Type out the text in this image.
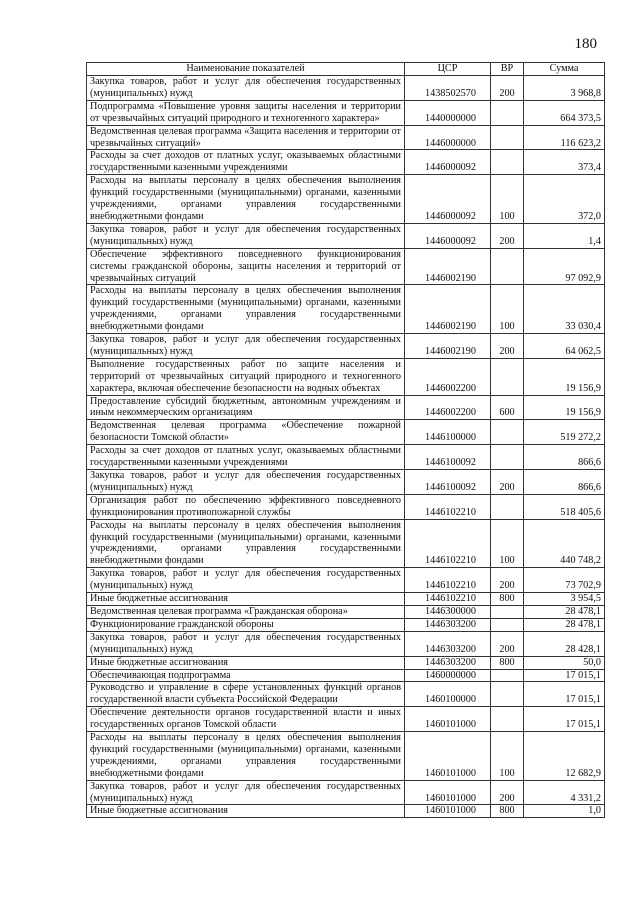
180
Наименование показателей	ЦСР	ВР	Сумма
Закупка товаров, работ и услуг для обеспечения государственных (муниципальных) нужд	1438502570	200	3 968,8
Подпрограмма «Повышение уровня защиты населения и территории от чрезвычайных ситуаций природного и техногенного характера»	1440000000		664 373,5
Ведомственная целевая программа «Защита населения и территории от чрезвычайных ситуаций»	1446000000		116 623,2
Расходы за счет доходов от платных услуг, оказываемых областными государственными казенными учреждениями	1446000092		373,4
Расходы на выплаты персоналу в целях обеспечения выполнения функций государственными (муниципальными) органами, казенными учреждениями, органами управления государственными внебюджетными фондами	1446000092	100	372,0
Закупка товаров, работ и услуг для обеспечения государственных (муниципальных) нужд	1446000092	200	1,4
Обеспечение эффективного повседневного функционирования системы гражданской обороны, защиты населения и территорий от чрезвычайных ситуаций	1446002190		97 092,9
Расходы на выплаты персоналу в целях обеспечения выполнения функций государственными (муниципальными) органами, казенными учреждениями, органами управления государственными внебюджетными фондами	1446002190	100	33 030,4
Закупка товаров, работ и услуг для обеспечения государственных (муниципальных) нужд	1446002190	200	64 062,5
Выполнение государственных работ по защите населения и территорий от чрезвычайных ситуаций природного и техногенного характера, включая обеспечение безопасности на водных объектах	1446002200		19 156,9
Предоставление субсидий бюджетным, автономным учреждениям и иным некоммерческим организациям	1446002200	600	19 156,9
Ведомственная целевая программа «Обеспечение пожарной безопасности Томской области»	1446100000		519 272,2
Расходы за счет доходов от платных услуг, оказываемых областными государственными казенными учреждениями	1446100092		866,6
Закупка товаров, работ и услуг для обеспечения государственных (муниципальных) нужд	1446100092	200	866,6
Организация работ по обеспечению эффективного повседневного функционирования противопожарной службы	1446102210		518 405,6
Расходы на выплаты персоналу в целях обеспечения выполнения функций государственными (муниципальными) органами, казенными учреждениями, органами управления государственными внебюджетными фондами	1446102210	100	440 748,2
Закупка товаров, работ и услуг для обеспечения государственных (муниципальных) нужд	1446102210	200	73 702,9
Иные бюджетные ассигнования	1446102210	800	3 954,5
Ведомственная целевая программа «Гражданская оборона»	1446300000		28 478,1
Функционирование гражданской обороны	1446303200		28 478,1
Закупка товаров, работ и услуг для обеспечения государственных (муниципальных) нужд	1446303200	200	28 428,1
Иные бюджетные ассигнования	1446303200	800	50,0
Обеспечивающая подпрограмма	1460000000		17 015,1
Руководство и управление в сфере установленных функций органов государственной власти субъекта Российской Федерации	1460100000		17 015,1
Обеспечение деятельности органов государственной власти и иных государственных органов Томской области	1460101000		17 015,1
Расходы на выплаты персоналу в целях обеспечения выполнения функций государственными (муниципальными) органами, казенными учреждениями, органами управления государственными внебюджетными фондами	1460101000	100	12 682,9
Закупка товаров, работ и услуг для обеспечения государственных (муниципальных) нужд	1460101000	200	4 331,2
Иные бюджетные ассигнования	1460101000	800	1,0
